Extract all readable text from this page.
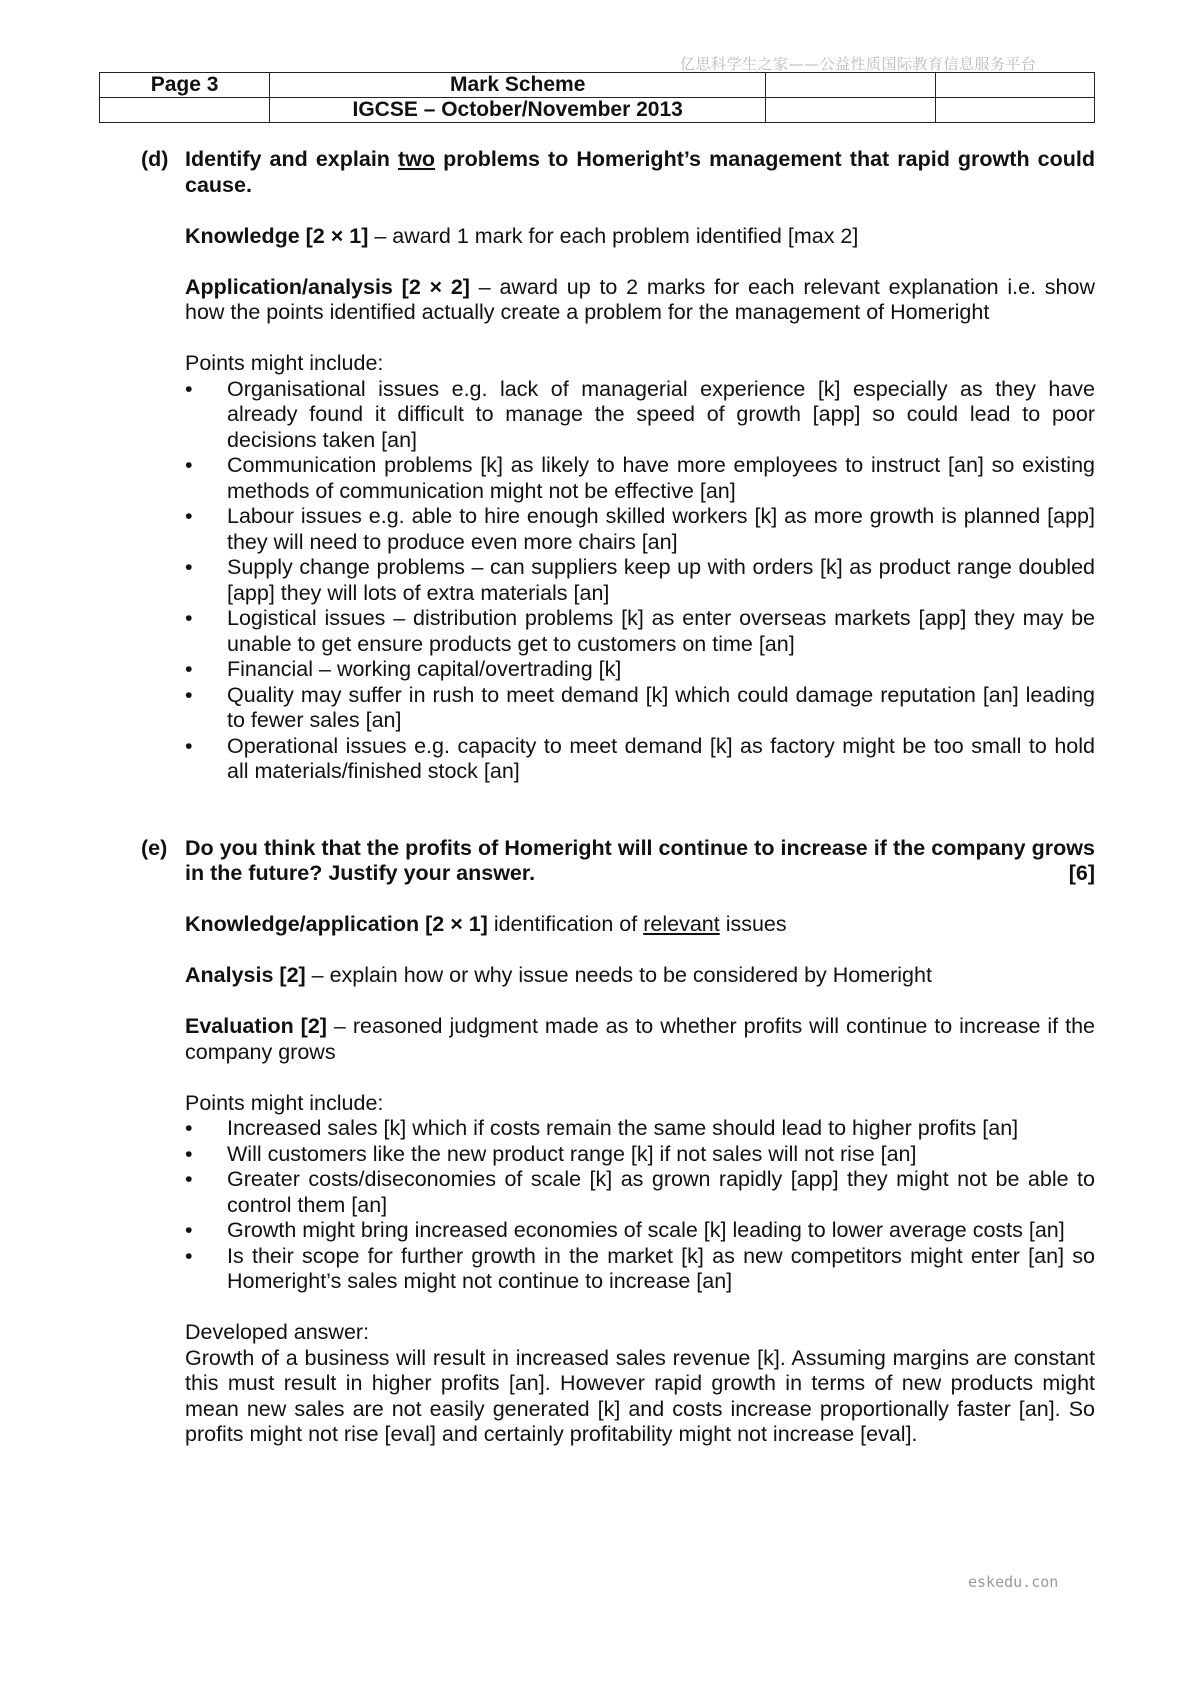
亿思科学生之家——公益性质国际教育信息服务平台
Page 3	Mark Scheme		
	IGCSE – October/November 2013		
(d) Identify and explain two problems to Homeright’s management that rapid growth could cause.

Knowledge [2 × 1] – award 1 mark for each problem identified [max 2]

Application/analysis [2 × 2] – award up to 2 marks for each relevant explanation i.e. show how the points identified actually create a problem for the management of Homeright

Points might include:

• Organisational issues e.g. lack of managerial experience [k] especially as they have already found it difficult to manage the speed of growth [app] so could lead to poor decisions taken [an]
• Communication problems [k] as likely to have more employees to instruct [an] so existing methods of communication might not be effective [an]
• Labour issues e.g. able to hire enough skilled workers [k] as more growth is planned [app] they will need to produce even more chairs [an]
• Supply change problems – can suppliers keep up with orders [k] as product range doubled [app] they will lots of extra materials [an]
• Logistical issues – distribution problems [k] as enter overseas markets [app] they may be unable to get ensure products get to customers on time [an]
• Financial – working capital/overtrading [k]
• Quality may suffer in rush to meet demand [k] which could damage reputation [an] leading to fewer sales [an]
• Operational issues e.g. capacity to meet demand [k] as factory might be too small to hold all materials/finished stock [an]
(e) Do you think that the profits of Homeright will continue to increase if the company grows in the future? Justify your answer.	[6]

Knowledge/application [2 × 1] identification of relevant issues

Analysis [2] – explain how or why issue needs to be considered by Homeright

Evaluation [2] – reasoned judgment made as to whether profits will continue to increase if the company grows

Points might include:

• Increased sales [k] which if costs remain the same should lead to higher profits [an]
• Will customers like the new product range [k] if not sales will not rise [an]
• Greater costs/diseconomies of scale [k] as grown rapidly [app] they might not be able to control them [an]
• Growth might bring increased economies of scale [k] leading to lower average costs [an]
• Is their scope for further growth in the market [k] as new competitors might enter [an] so Homeright’s sales might not continue to increase [an]

Developed answer:

Growth of a business will result in increased sales revenue [k]. Assuming margins are constant this must result in higher profits [an]. However rapid growth in terms of new products might mean new sales are not easily generated [k] and costs increase proportionally faster [an]. So profits might not rise [eval] and certainly profitability might not increase [eval].

eskedu.con
